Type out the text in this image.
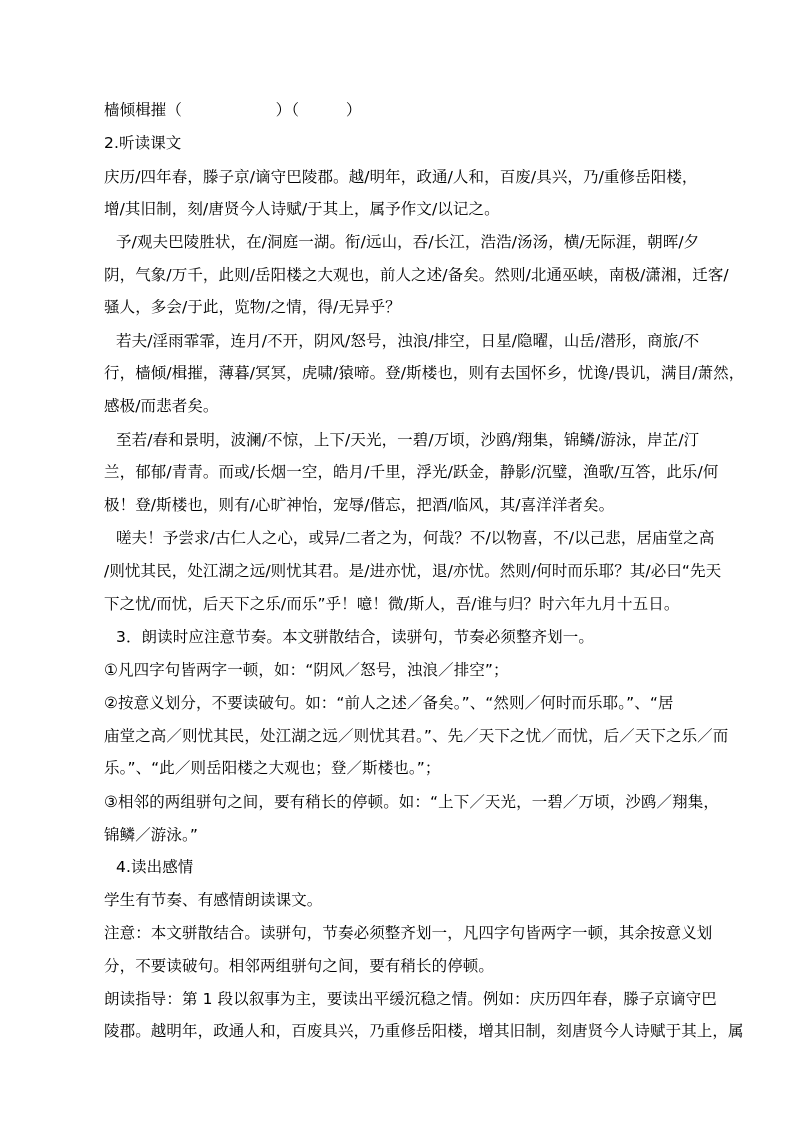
樯倾楫摧（　　　　　　）（　　　）
2.听读课文
庆历/四年春，滕子京/谪守巴陵郡。越/明年，政通/人和，百废/具兴，乃/重修岳阳楼，
增/其旧制，刻/唐贤今人诗赋/于其上，属予作文/以记之。
予/观夫巴陵胜状，在/洞庭一湖。衔/远山，吞/长江，浩浩/汤汤，横/无际涯，朝晖/夕
阴，气象/万千，此则/岳阳楼之大观也，前人之述/备矣。然则/北通巫峡，南极/潇湘，迁客/
骚人，多会/于此，览物/之情，得/无异乎？
若夫/淫雨霏霏，连月/不开，阴风/怒号，浊浪/排空，日星/隐曜，山岳/潜形，商旅/不
行，樯倾/楫摧，薄暮/冥冥，虎啸/猿啼。登/斯楼也，则有去国怀乡，忧谗/畏讥，满目/萧然，
感极/而悲者矣。
至若/春和景明，波澜/不惊，上下/天光，一碧/万顷，沙鸥/翔集，锦鳞/游泳，岸芷/汀
兰，郁郁/青青。而或/长烟一空，皓月/千里，浮光/跃金，静影/沉璧，渔歌/互答，此乐/何
极！登/斯楼也，则有/心旷神怡，宠辱/偕忘，把酒/临风，其/喜洋洋者矣。
嗟夫！予尝求/古仁人之心，或异/二者之为，何哉？不/以物喜，不/以己悲，居庙堂之高
/则忧其民，处江湖之远/则忧其君。是/进亦忧，退/亦忧。然则/何时而乐耶？其/必曰“先天
下之忧/而忧，后天下之乐/而乐”乎！噫！微/斯人，吾/谁与归？时六年九月十五日。
3．朗读时应注意节奏。本文骈散结合，读骈句，节奏必须整齐划一。
①凡四字句皆两字一顿，如：“阴风／怒号，浊浪／排空”；
②按意义划分，不要读破句。如：“前人之述／备矣。”、“然则／何时而乐耶。”、“居
庙堂之高／则忧其民，处江湖之远／则忧其君。”、先／天下之忧／而忧，后／天下之乐／而
乐。”、“此／则岳阳楼之大观也；登／斯楼也。”；
③相邻的两组骈句之间，要有稍长的停顿。如：“上下／天光，一碧／万顷，沙鸥／翔集，
锦鳞／游泳。”
4.读出感情
学生有节奏、有感情朗读课文。
注意：本文骈散结合。读骈句，节奏必须整齐划一，凡四字句皆两字一顿，其余按意义划
分，不要读破句。相邻两组骈句之间，要有稍长的停顿。
朗读指导：第 1 段以叙事为主，要读出平缓沉稳之情。例如：庆历四年春，滕子京谪守巴
陵郡。越明年，政通人和，百废具兴，乃重修岳阳楼，增其旧制，刻唐贤今人诗赋于其上，属
